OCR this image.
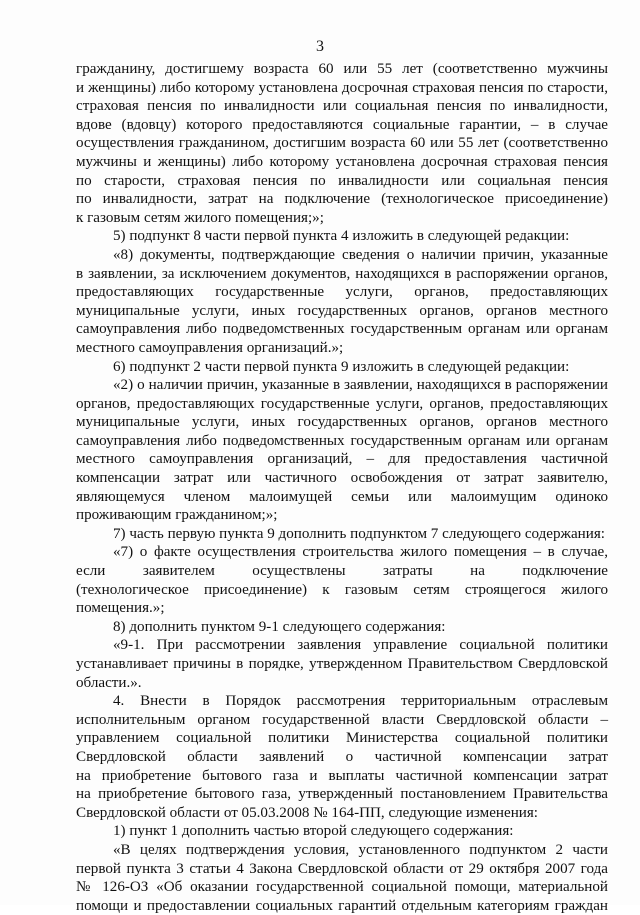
3
гражданину, достигшему возраста 60 или 55 лет (соответственно мужчины
и женщины) либо которому установлена досрочная страховая пенсия по старости,
страховая пенсия по инвалидности или социальная пенсия по инвалидности,
вдове (вдовцу) которого предоставляются социальные гарантии, – в случае
осуществления гражданином, достигшим возраста 60 или 55 лет (соответственно
мужчины и женщины) либо которому установлена досрочная страховая пенсия
по старости, страховая пенсия по инвалидности или социальная пенсия
по инвалидности, затрат на подключение (технологическое присоединение)
к газовым сетям жилого помещения;»;
5) подпункт 8 части первой пункта 4 изложить в следующей редакции:
«8) документы, подтверждающие сведения о наличии причин, указанные
в заявлении, за исключением документов, находящихся в распоряжении органов,
предоставляющих государственные услуги, органов, предоставляющих
муниципальные услуги, иных государственных органов, органов местного
самоуправления либо подведомственных государственным органам или органам
местного самоуправления организаций.»;
6) подпункт 2 части первой пункта 9 изложить в следующей редакции:
«2) о наличии причин, указанные в заявлении, находящихся в распоряжении
органов, предоставляющих государственные услуги, органов, предоставляющих
муниципальные услуги, иных государственных органов, органов местного
самоуправления либо подведомственных государственным органам или органам
местного самоуправления организаций, – для предоставления частичной
компенсации затрат или частичного освобождения от затрат заявителю,
являющемуся членом малоимущей семьи или малоимущим одиноко
проживающим гражданином;»;
7) часть первую пункта 9 дополнить подпунктом 7 следующего содержания:
«7) о факте осуществления строительства жилого помещения – в случае,
если заявителем осуществлены затраты на подключение
(технологическое присоединение) к газовым сетям строящегося жилого
помещения.»;
8) дополнить пунктом 9-1 следующего содержания:
«9-1. При рассмотрении заявления управление социальной политики
устанавливает причины в порядке, утвержденном Правительством Свердловской
области.».
4. Внести в Порядок рассмотрения территориальным отраслевым
исполнительным органом государственной власти Свердловской области –
управлением социальной политики Министерства социальной политики
Свердловской области заявлений о частичной компенсации затрат
на приобретение бытового газа и выплаты частичной компенсации затрат
на приобретение бытового газа, утвержденный постановлением Правительства
Свердловской области от 05.03.2008 № 164-ПП, следующие изменения:
1) пункт 1 дополнить частью второй следующего содержания:
«В целях подтверждения условия, установленного подпунктом 2 части
первой пункта 3 статьи 4 Закона Свердловской области от 29 октября 2007 года
№ 126-ОЗ «Об оказании государственной социальной помощи, материальной
помощи и предоставлении социальных гарантий отдельным категориям граждан
